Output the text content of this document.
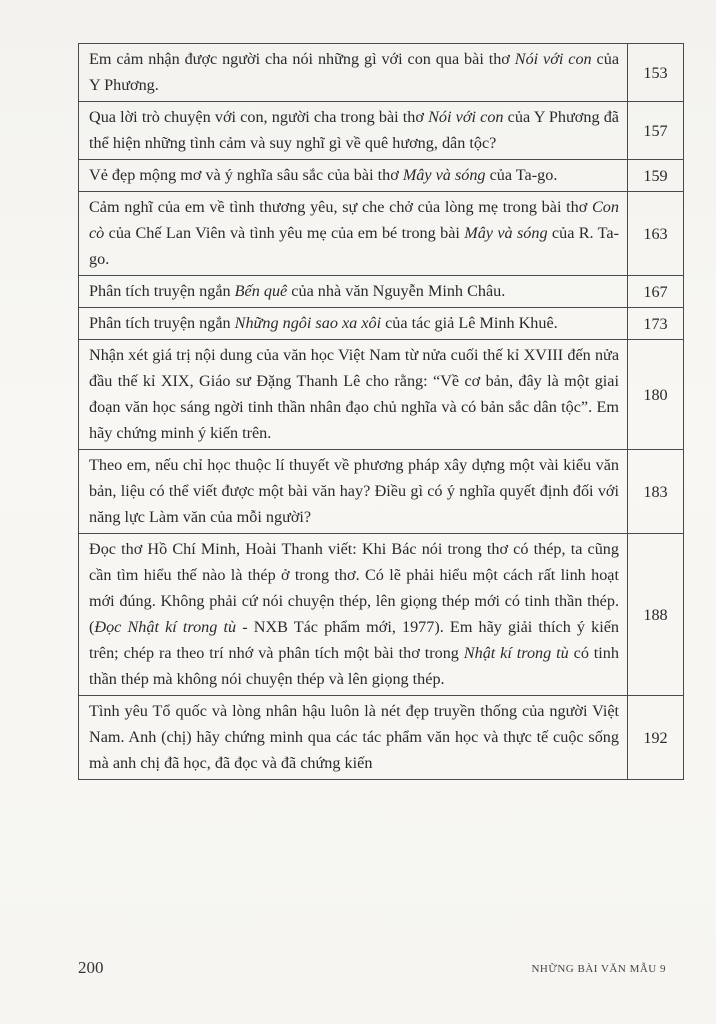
Em cảm nhận được người cha nói những gì với con qua bài thơ Nói với con của Y Phương.	153
Qua lời trò chuyện với con, người cha trong bài thơ Nói với con của Y Phương đã thể hiện những tình cảm và suy nghĩ gì về quê hương, dân tộc?	157
Vẻ đẹp mộng mơ và ý nghĩa sâu sắc của bài thơ Mây và sóng của Ta-go.	159
Cảm nghĩ của em về tình thương yêu, sự che chở của lòng mẹ trong bài thơ Con cò của Chế Lan Viên và tình yêu mẹ của em bé trong bài Mây và sóng của R. Ta-go.	163
Phân tích truyện ngắn Bến quê của nhà văn Nguyễn Minh Châu.	167
Phân tích truyện ngắn Những ngôi sao xa xôi của tác giả Lê Minh Khuê.	173
Nhận xét giá trị nội dung của văn học Việt Nam từ nửa cuối thế kỉ XVIII đến nửa đầu thế kỉ XIX, Giáo sư Đặng Thanh Lê cho rằng: “Về cơ bản, đây là một giai đoạn văn học sáng ngời tinh thần nhân đạo chủ nghĩa và có bản sắc dân tộc”. Em hãy chứng minh ý kiến trên.	180
Theo em, nếu chỉ học thuộc lí thuyết về phương pháp xây dựng một vài kiểu văn bản, liệu có thể viết được một bài văn hay? Điều gì có ý nghĩa quyết định đối với năng lực Làm văn của mỗi người?	183
Đọc thơ Hồ Chí Minh, Hoài Thanh viết: Khi Bác nói trong thơ có thép, ta cũng cần tìm hiểu thế nào là thép ở trong thơ. Có lẽ phải hiểu một cách rất linh hoạt mới đúng. Không phải cứ nói chuyện thép, lên giọng thép mới có tinh thần thép. (Đọc Nhật kí trong tù - NXB Tác phẩm mới, 1977). Em hãy giải thích ý kiến trên; chép ra theo trí nhớ và phân tích một bài thơ trong Nhật kí trong tù có tinh thần thép mà không nói chuyện thép và lên giọng thép.	188
Tình yêu Tổ quốc và lòng nhân hậu luôn là nét đẹp truyền thống của người Việt Nam. Anh (chị) hãy chứng minh qua các tác phẩm văn học và thực tế cuộc sống mà anh chị đã học, đã đọc và đã chứng kiến	192
200	NHỮNG BÀI VĂN MẪU 9
